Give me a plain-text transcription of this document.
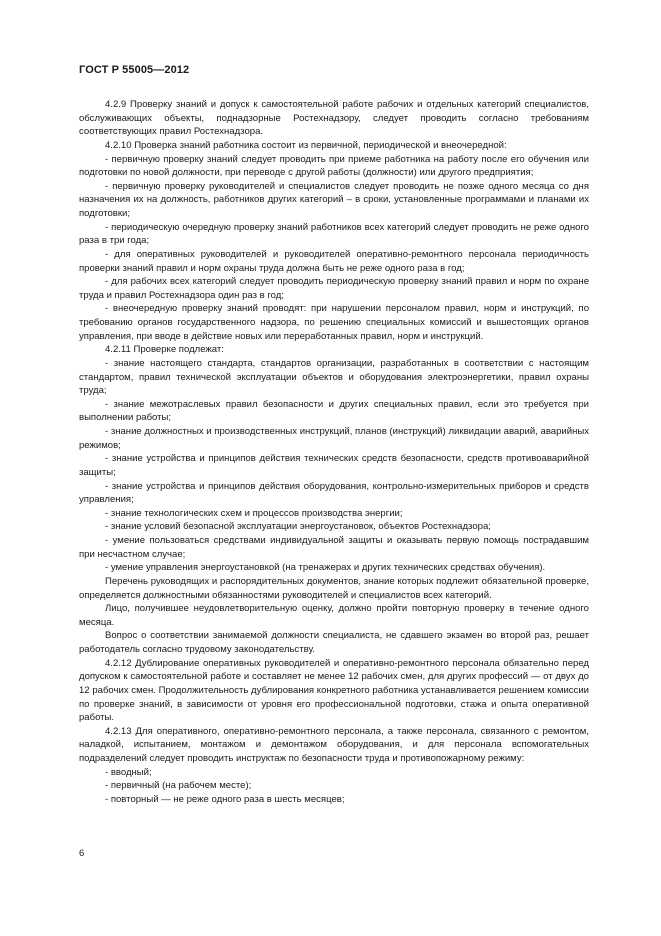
ГОСТ Р 55005—2012

4.2.9 Проверку знаний и допуск к самостоятельной работе рабочих и отдельных категорий специалистов, обслуживающих объекты, поднадзорные Ростехнадзору, следует проводить согласно требованиям соответствующих правил Ростехнадзора.

4.2.10 Проверка знаний работника состоит из первичной, периодической и внеочередной:

- первичную проверку знаний следует проводить при приеме работника на работу после его обучения или подготовки по новой должности, при переводе с другой работы (должности) или другого предприятия;

- первичную проверку руководителей и специалистов следует проводить не позже одного месяца со дня назначения их на должность, работников других категорий – в сроки, установленные программами и планами их подготовки;

- периодическую очередную проверку знаний работников всех категорий следует проводить не реже одного раза в три года;

- для оперативных руководителей и руководителей оперативно-ремонтного персонала периодичность проверки знаний правил и норм охраны труда должна быть не реже одного раза в год;

- для рабочих всех категорий следует проводить периодическую проверку знаний правил и норм по охране труда и правил Ростехнадзора один раз в год;

- внеочередную проверку знаний проводят: при нарушении персоналом правил, норм и инструкций, по требованию органов государственного надзора, по решению специальных комиссий и вышестоящих органов управления, при вводе в действие новых или переработанных правил, норм и инструкций.

4.2.11 Проверке подлежат:

- знание настоящего стандарта, стандартов организации, разработанных в соответствии с настоящим стандартом, правил технической эксплуатации объектов и оборудования электроэнергетики, правил охраны труда;

- знание межотраслевых правил безопасности и других специальных правил, если это требуется при выполнении работы;

- знание должностных и производственных инструкций, планов (инструкций) ликвидации аварий, аварийных режимов;

- знание устройства и принципов действия технических средств безопасности, средств противоаварийной защиты;

- знание устройства и принципов действия оборудования, контрольно-измерительных приборов и средств управления;

- знание технологических схем и процессов производства энергии;

- знание условий безопасной эксплуатации энергоустановок, объектов Ростехнадзора;

- умение пользоваться средствами индивидуальной защиты и оказывать первую помощь пострадавшим при несчастном случае;

- умение управления энергоустановкой (на тренажерах и других технических средствах обучения).

Перечень руководящих и распорядительных документов, знание которых подлежит обязательной проверке, определяется должностными обязанностями руководителей и специалистов всех категорий.

Лицо, получившее неудовлетворительную оценку, должно пройти повторную проверку в течение одного месяца.

Вопрос о соответствии занимаемой должности специалиста, не сдавшего экзамен во второй раз, решает работодатель согласно трудовому законодательству.

4.2.12 Дублирование оперативных руководителей и оперативно-ремонтного персонала обязательно перед допуском к самостоятельной работе и составляет не менее 12 рабочих смен, для других профессий — от двух до 12 рабочих смен. Продолжительность дублирования конкретного работника устанавливается решением комиссии по проверке знаний, в зависимости от уровня его профессиональной подготовки, стажа и опыта оперативной работы.

4.2.13 Для оперативного, оперативно-ремонтного персонала, а также персонала, связанного с ремонтом, наладкой, испытанием, монтажом и демонтажом оборудования, и для персонала вспомогательных подразделений следует проводить инструктаж по безопасности труда и противопожарному режиму:

- вводный;

- первичный (на рабочем месте);

- повторный — не реже одного раза в шесть месяцев;

6
